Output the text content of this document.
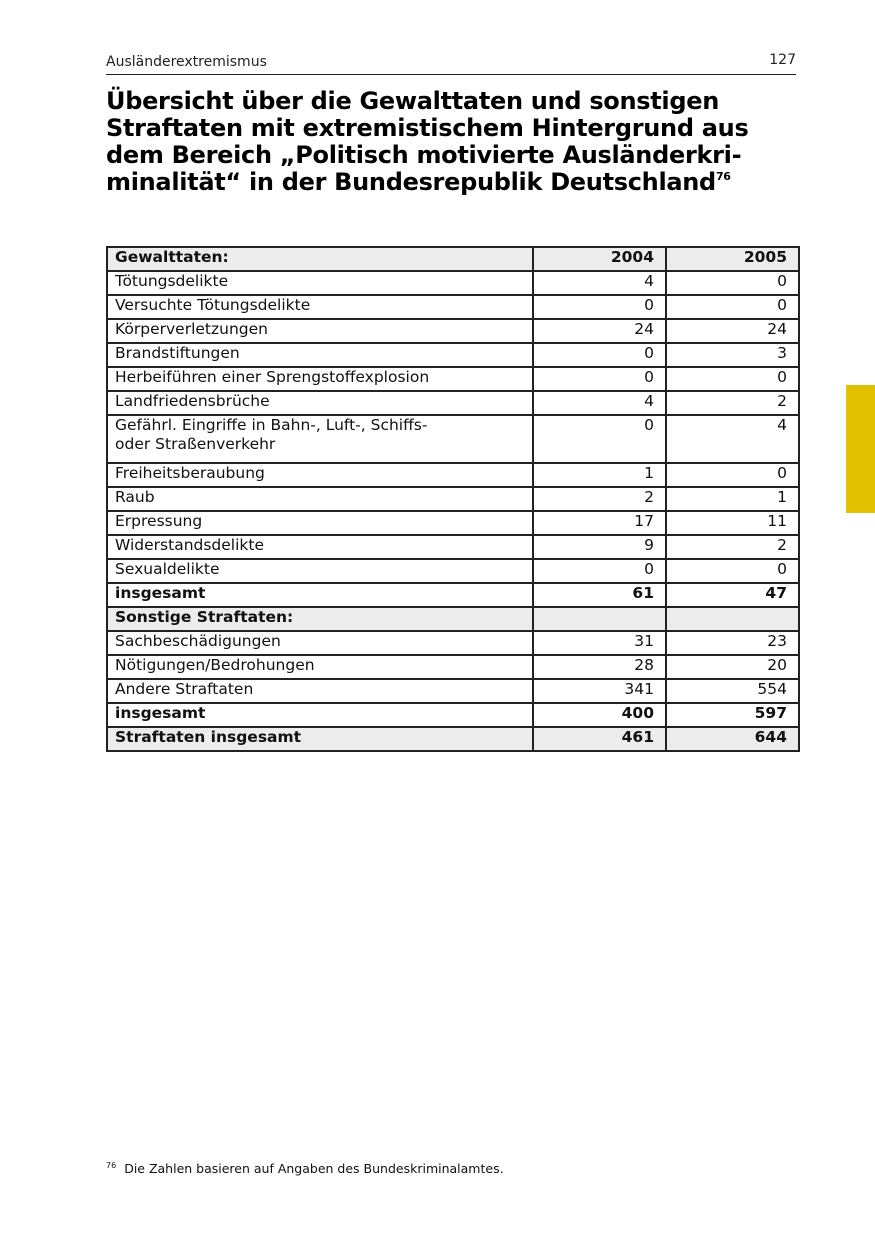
Ausländerextremismus	127
Übersicht über die Gewalttaten und sonstigen
Straftaten mit extremistischem Hintergrund aus
dem Bereich „Politisch motivierte Ausländerkri-
minalität“ in der Bundesrepublik Deutschland$^{76}$
Gewalttaten:	2004	2005
Tötungsdelikte	4	0
Versuchte Tötungsdelikte	0	0
Körperverletzungen	24	24
Brandstiftungen	0	3
Herbeiführen einer Sprengstoffexplosion	0	0
Landfriedensbrüche	4	2
Gefährl. Eingriffe in Bahn-, Luft-, Schiffs-
oder Straßenverkehr	0	4
Freiheitsberaubung	1	0
Raub	2	1
Erpressung	17	11
Widerstandsdelikte	9	2
Sexualdelikte	0	0
insgesamt	61	47
Sonstige Straftaten:		
Sachbeschädigungen	31	23
Nötigungen/Bedrohungen	28	20
Andere Straftaten	341	554
insgesamt	400	597
Straftaten insgesamt	461	644
$^{76}$ Die Zahlen basieren auf Angaben des Bundeskriminalamtes.
